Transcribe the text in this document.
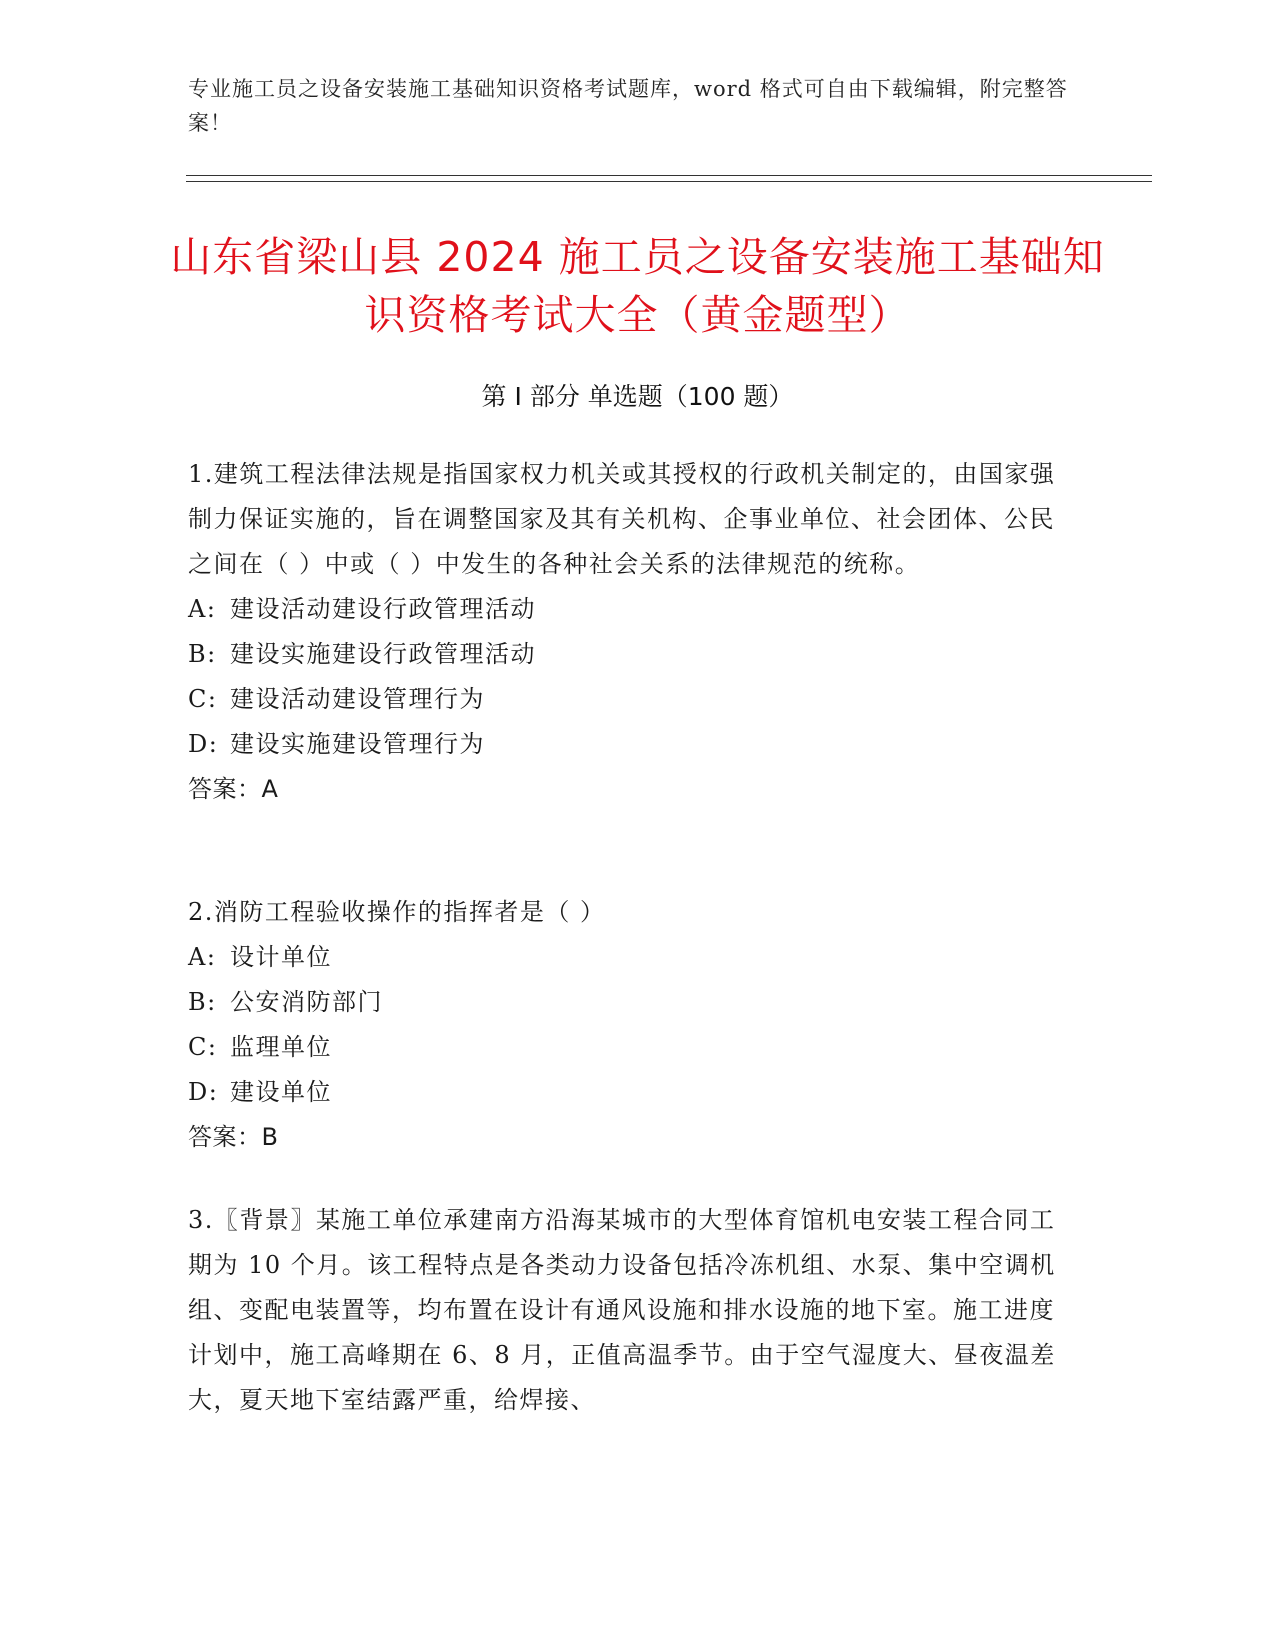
专业施工员之设备安装施工基础知识资格考试题库，word 格式可自由下载编辑，附完整答案！
山东省梁山县 2024 施工员之设备安装施工基础知识资格考试大全（黄金题型）
第 I 部分 单选题（100 题）

1.建筑工程法律法规是指国家权力机关或其授权的行政机关制定的，由国家强制力保证实施的，旨在调整国家及其有关机构、企事业单位、社会团体、公民之间在（ ）中或（ ）中发生的各种社会关系的法律规范的统称。

A: 建设活动建设行政管理活动

B: 建设实施建设行政管理活动

C: 建设活动建设管理行为

D: 建设实施建设管理行为

答案：A

2.消防工程验收操作的指挥者是（ ）

A: 设计单位

B: 公安消防部门

C: 监理单位

D: 建设单位

答案：B

3.〖背景〗某施工单位承建南方沿海某城市的大型体育馆机电安装工程合同工期为 10 个月。该工程特点是各类动力设备包括冷冻机组、水泵、集中空调机组、变配电装置等，均布置在设计有通风设施和排水设施的地下室。施工进度计划中，施工高峰期在 6、8 月，正值高温季节。由于空气湿度大、昼夜温差大，夏天地下室结露严重，给焊接、
